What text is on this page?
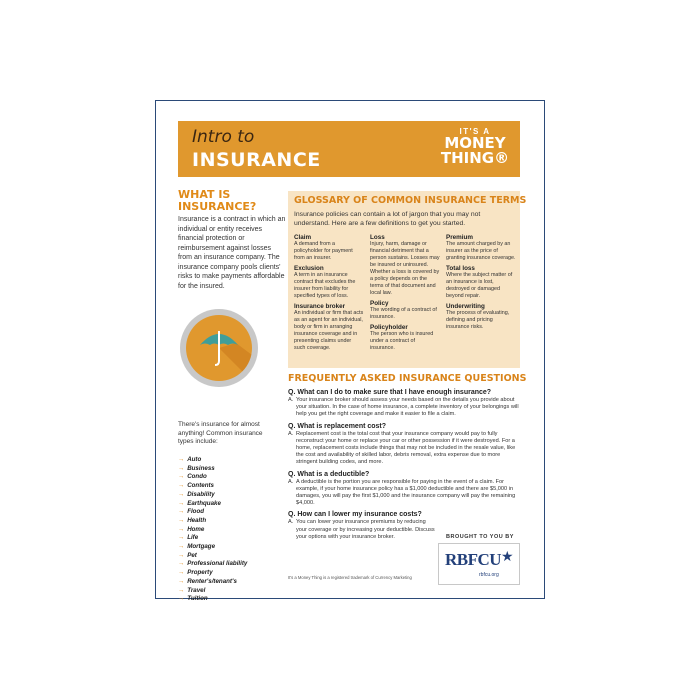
Intro to
INSURANCE
IT'S A
MONEY
THING®
WHAT IS
INSURANCE?
Insurance is a contract in which an individual or entity receives financial protection or reimbursement against losses from an insurance company. The insurance company pools clients' risks to make payments affordable for the insured.
There's insurance for almost anything! Common insurance types include:
→ Auto
→ Business
→ Condo
→ Contents
→ Disability
→ Earthquake
→ Flood
→ Health
→ Home
→ Life
→ Mortgage
→ Pet
→ Professional liability
→ Property
→ Renter's/tenant's
→ Travel
→ Tuition
GLOSSARY OF COMMON INSURANCE TERMS
Insurance policies can contain a lot of jargon that you may not understand. Here are a few definitions to get you started.
Claim
A demand from a policyholder for payment from an insurer.
Exclusion
A term in an insurance contract that excludes the insurer from liability for specified types of loss.
Insurance broker
An individual or firm that acts as an agent for an individual, body or firm in arranging insurance coverage and in presenting claims under such coverage.
Loss
Injury, harm, damage or financial detriment that a person sustains. Losses may be insured or uninsured. Whether a loss is covered by a policy depends on the terms of that document and local law.
Policy
The wording of a contract of insurance.
Policyholder
The person who is insured under a contract of insurance.
Premium
The amount charged by an insurer as the price of granting insurance coverage.
Total loss
Where the subject matter of an insurance is lost, destroyed or damaged beyond repair.
Underwriting
The process of evaluating, defining and pricing insurance risks.
FREQUENTLY ASKED INSURANCE QUESTIONS
Q. What can I do to make sure that I have enough insurance?
A. Your insurance broker should assess your needs based on the details you provide about your situation. In the case of home insurance, a complete inventory of your belongings will help you get the right coverage and make it easier to file a claim.
Q. What is replacement cost?
A. Replacement cost is the total cost that your insurance company would pay to fully reconstruct your home or replace your car or other possession if it were destroyed. For a home, replacement costs include things that may not be included in the resale value, like the cost and availability of skilled labor, debris removal, extra expense due to more stringent building codes, and more.
Q. What is a deductible?
A. A deductible is the portion you are responsible for paying in the event of a claim. For example, if your home insurance policy has a $1,000 deductible and there are $5,000 in damages, you will pay the first $1,000 and the insurance company will pay the remaining $4,000.
Q. How can I lower my insurance costs?
A. You can lower your insurance premiums by reducing your coverage or by increasing your deductible. Discuss your options with your insurance broker.	BROUGHT TO YOU BY
RBFCU ★
rbfcu.org
It's a Money Thing is a registered trademark of Currency Marketing
